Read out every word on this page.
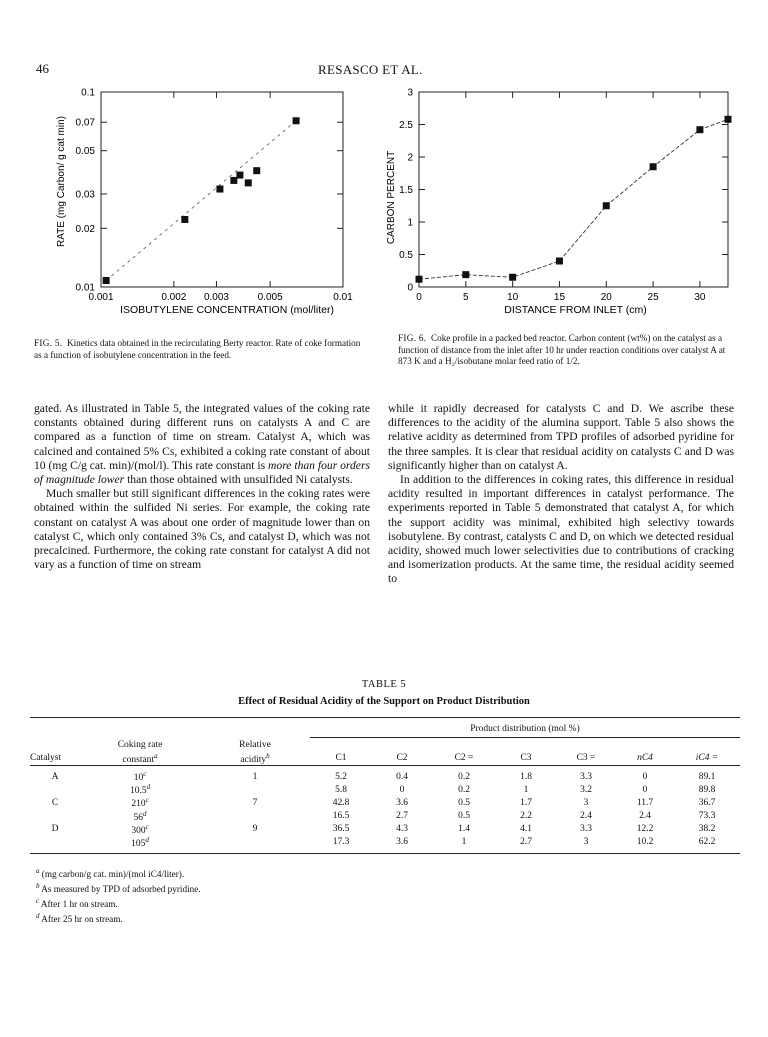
46	RESASCO ET AL.
0.001	0.002 0.003	0.005	0.01
0.01
0.02
0.03
0.05
0.07
0.1
ISOBUTYLENE CONCENTRATION (mol/liter)
RATE (mg Carbon/ g cat min)
0	5	10	15	20	25	30
0
0.5
1
1.5
2
2.5
3
DISTANCE FROM INLET (cm)
CARBON PERCENT
FIG. 5. Kinetics data obtained in the recirculating Berty reactor. Rate of coke formation as a function of isobutylene concentration in the feed.
FIG. 6. Coke profile in a packed bed reactor. Carbon content (wt%) on the catalyst as a function of distance from the inlet after 10 hr under reaction conditions over catalyst A at 873 K and a H₂/isobutane molar feed ratio of 1/2.

gated. As illustrated in Table 5, the integrated values of the coking rate constants obtained during different runs on catalysts A and C are compared as a function of time on stream. Catalyst A, which was calcined and contained 5% Cs, exhibited a coking rate constant of about 10 (mg C/g cat. min)/(mol/l). This rate constant is more than four orders of magnitude lower than those obtained with unsulfided Ni catalysts.

Much smaller but still significant differences in the coking rates were obtained within the sulfided Ni series. For example, the coking rate constant on catalyst A was about one order of magnitude lower than on catalyst C, which only contained 3% Cs, and catalyst D, which was not precalcined. Furthermore, the coking rate constant for catalyst A did not vary as a function of time on stream

while it rapidly decreased for catalysts C and D. We ascribe these differences to the acidity of the alumina support. Table 5 also shows the relative acidity as determined from TPD profiles of adsorbed pyridine for the three samples. It is clear that residual acidity on catalysts C and D was significantly higher than on catalyst A.

In addition to the differences in coking rates, this difference in residual acidity resulted in important differences in catalyst performance. The experiments reported in Table 5 demonstrated that catalyst A, for which the support acidity was minimal, exhibited high selectivy towards isobutylene. By contrast, catalysts C and D, on which we detected residual acidity, showed much lower selectivities due to contributions of cracking and isomerization products. At the same time, the residual acidity seemed to

TABLE 5
Effect of Residual Acidity of the Support on Product Distribution
			Product distribution (mol %)						
	Coking rate	Relative							
Catalyst	constant$^a$	acidity$^b$	C1	C2	C2 =	C3	C3 =	nC4	iC4 =
A	10$^c$	1	5.2	0.4	0.2	1.8	3.3	0	89.1
	10.5$^d$		5.8	0	0.2	1	3.2	0	89.8
C	210$^c$	7	42.8	3.6	0.5	1.7	3	11.7	36.7
	56$^d$		16.5	2.7	0.5	2.2	2.4	2.4	73.3
D	300$^c$	9	36.5	4.3	1.4	4.1	3.3	12.2	38.2
	105$^d$		17.3	3.6	1	2.7	3	10.2	62.2
$^a$ (mg carbon/g cat. min)/(mol iC4/liter).
$^b$ As measured by TPD of adsorbed pyridine.
$^c$ After 1 hr on stream.
$^d$ After 25 hr on stream.
